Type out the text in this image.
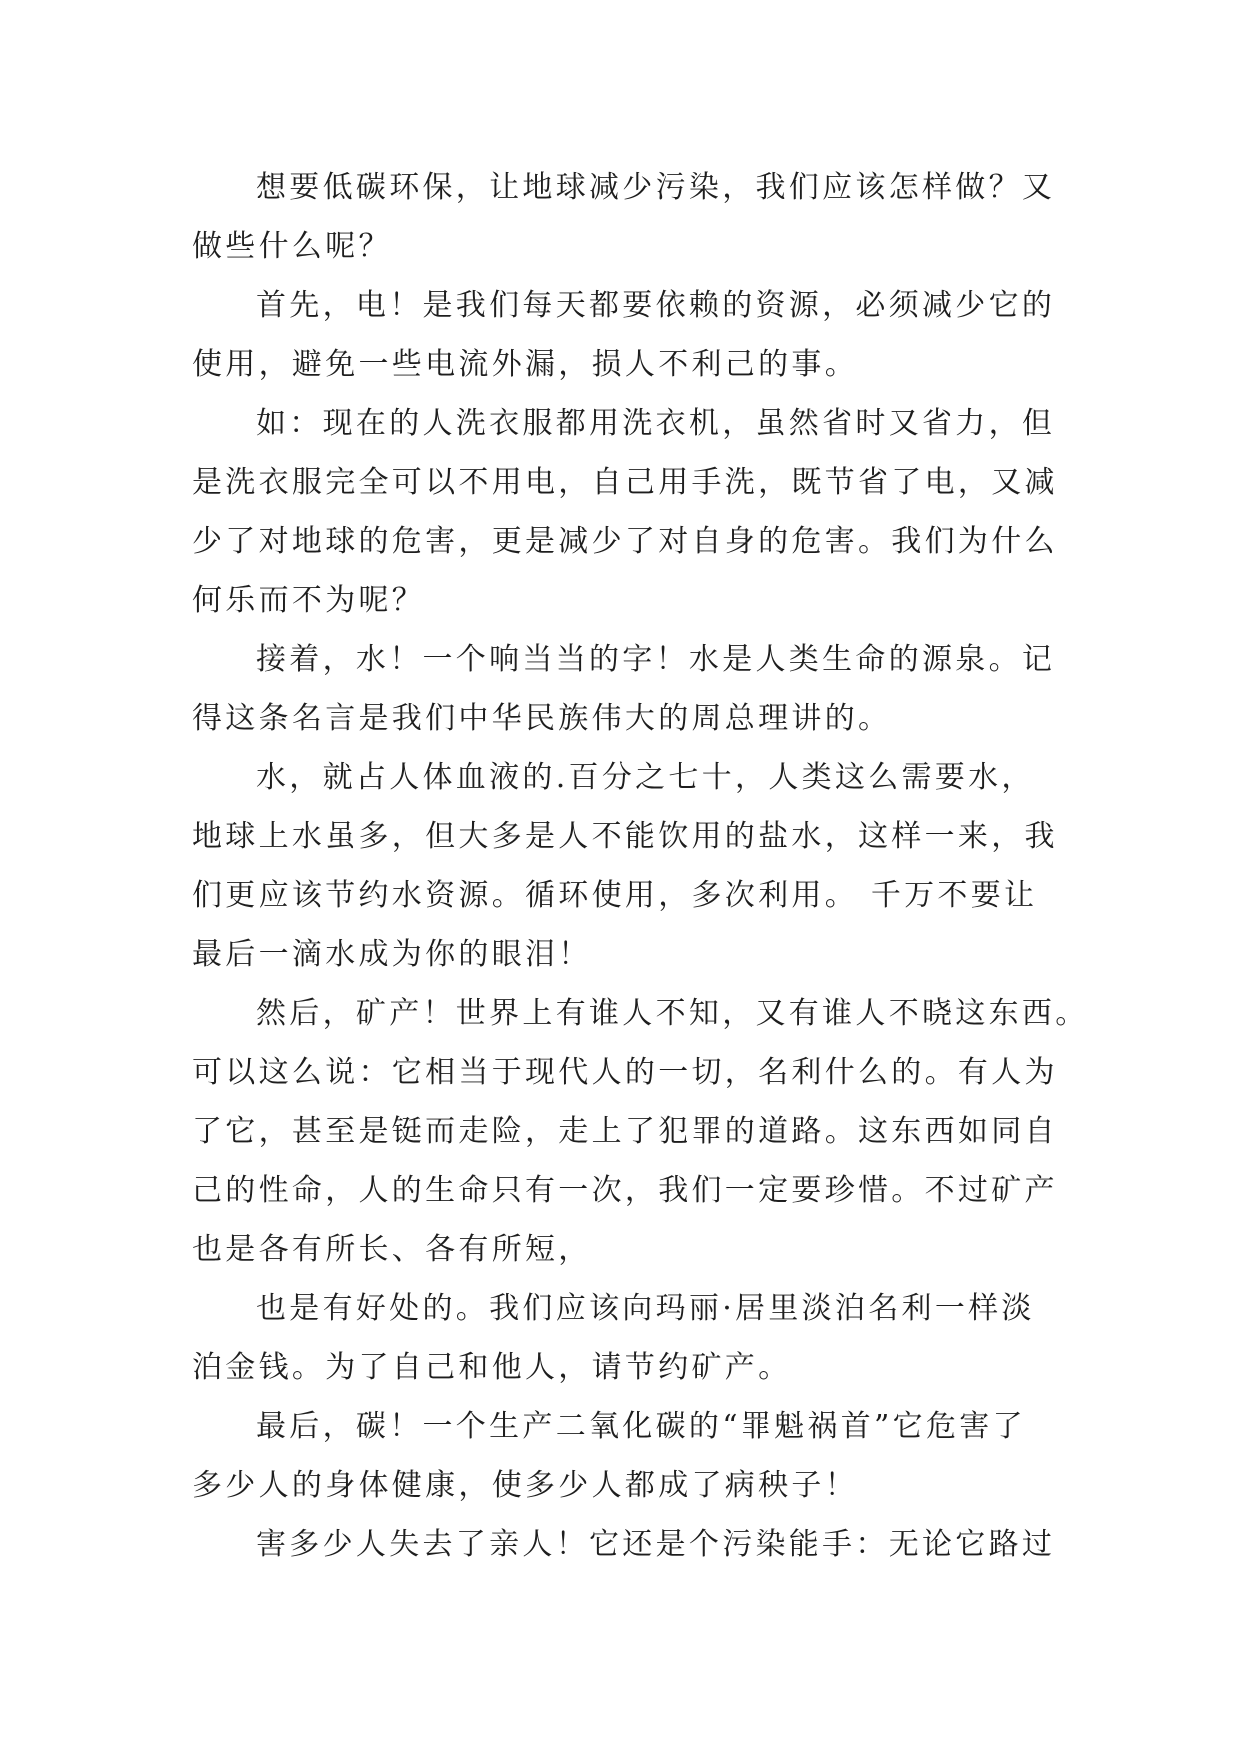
想要低碳环保，让地球减少污染，我们应该怎样做？又
做些什么呢？
首先，电！是我们每天都要依赖的资源，必须减少它的
使用，避免一些电流外漏，损人不利己的事。
如：现在的人洗衣服都用洗衣机，虽然省时又省力，但
是洗衣服完全可以不用电，自己用手洗，既节省了电，又减
少了对地球的危害，更是减少了对自身的危害。我们为什么
何乐而不为呢？
接着，水！一个响当当的字！水是人类生命的源泉。记
得这条名言是我们中华民族伟大的周总理讲的。
水，就占人体血液的.百分之七十，人类这么需要水，
地球上水虽多，但大多是人不能饮用的盐水，这样一来，我
们更应该节约水资源。循环使用，多次利用。 千万不要让
最后一滴水成为你的眼泪！
然后，矿产！世界上有谁人不知，又有谁人不晓这东西。
可以这么说：它相当于现代人的一切，名利什么的。有人为
了它，甚至是铤而走险，走上了犯罪的道路。这东西如同自
己的性命，人的生命只有一次，我们一定要珍惜。不过矿产
也是各有所长、各有所短，
也是有好处的。我们应该向玛丽·居里淡泊名利一样淡
泊金钱。为了自己和他人，请节约矿产。
最后，碳！一个生产二氧化碳的“罪魁祸首”它危害了
多少人的身体健康，使多少人都成了病秧子！
害多少人失去了亲人！它还是个污染能手：无论它路过
